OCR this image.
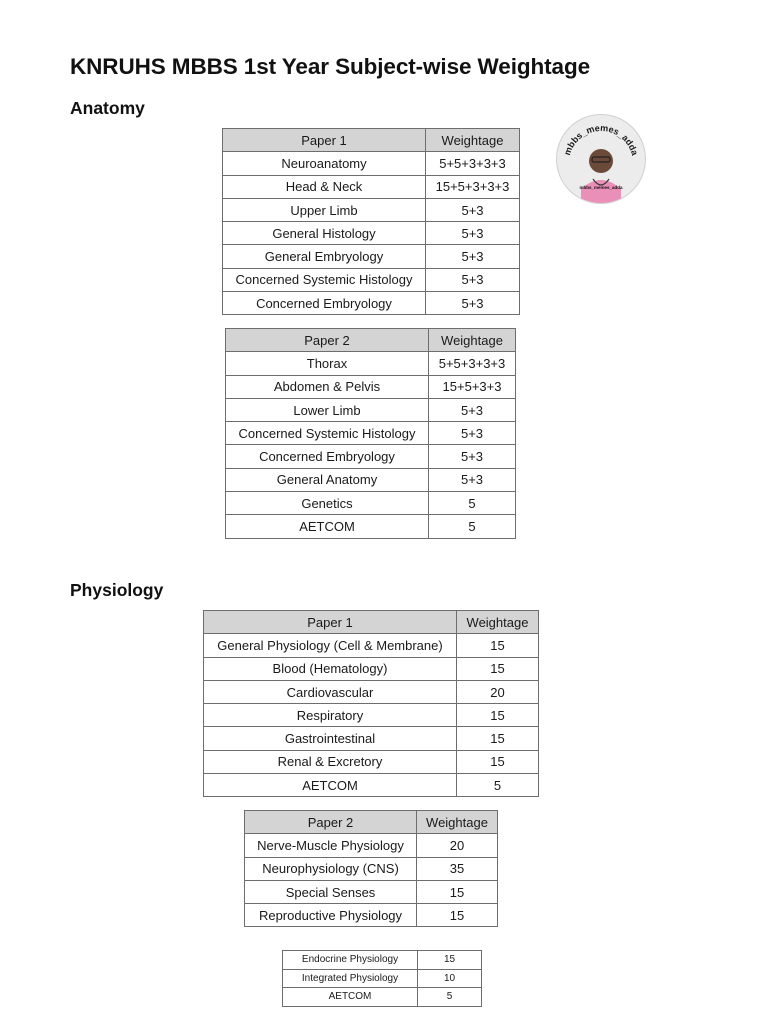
KNRUHS MBBS 1st Year Subject-wise Weightage
mbbs_memes_adda
mbbs_memes_adda
Anatomy
Paper 1	Weightage
Neuroanatomy	5+5+3+3+3
Head & Neck	15+5+3+3+3
Upper Limb	5+3
General Histology	5+3
General Embryology	5+3
Concerned Systemic Histology	5+3
Concerned Embryology	5+3
Paper 2	Weightage
Thorax	5+5+3+3+3
Abdomen & Pelvis	15+5+3+3
Lower Limb	5+3
Concerned Systemic Histology	5+3
Concerned Embryology	5+3
General Anatomy	5+3
Genetics	5
AETCOM	5
Physiology
Paper 1	Weightage
General Physiology (Cell & Membrane)	15
Blood (Hematology)	15
Cardiovascular	20
Respiratory	15
Gastrointestinal	15
Renal & Excretory	15
AETCOM	5
Paper 2	Weightage
Nerve-Muscle Physiology	20
Neurophysiology (CNS)	35
Special Senses	15
Reproductive Physiology	15
Endocrine Physiology	15
Integrated Physiology	10
AETCOM	5
